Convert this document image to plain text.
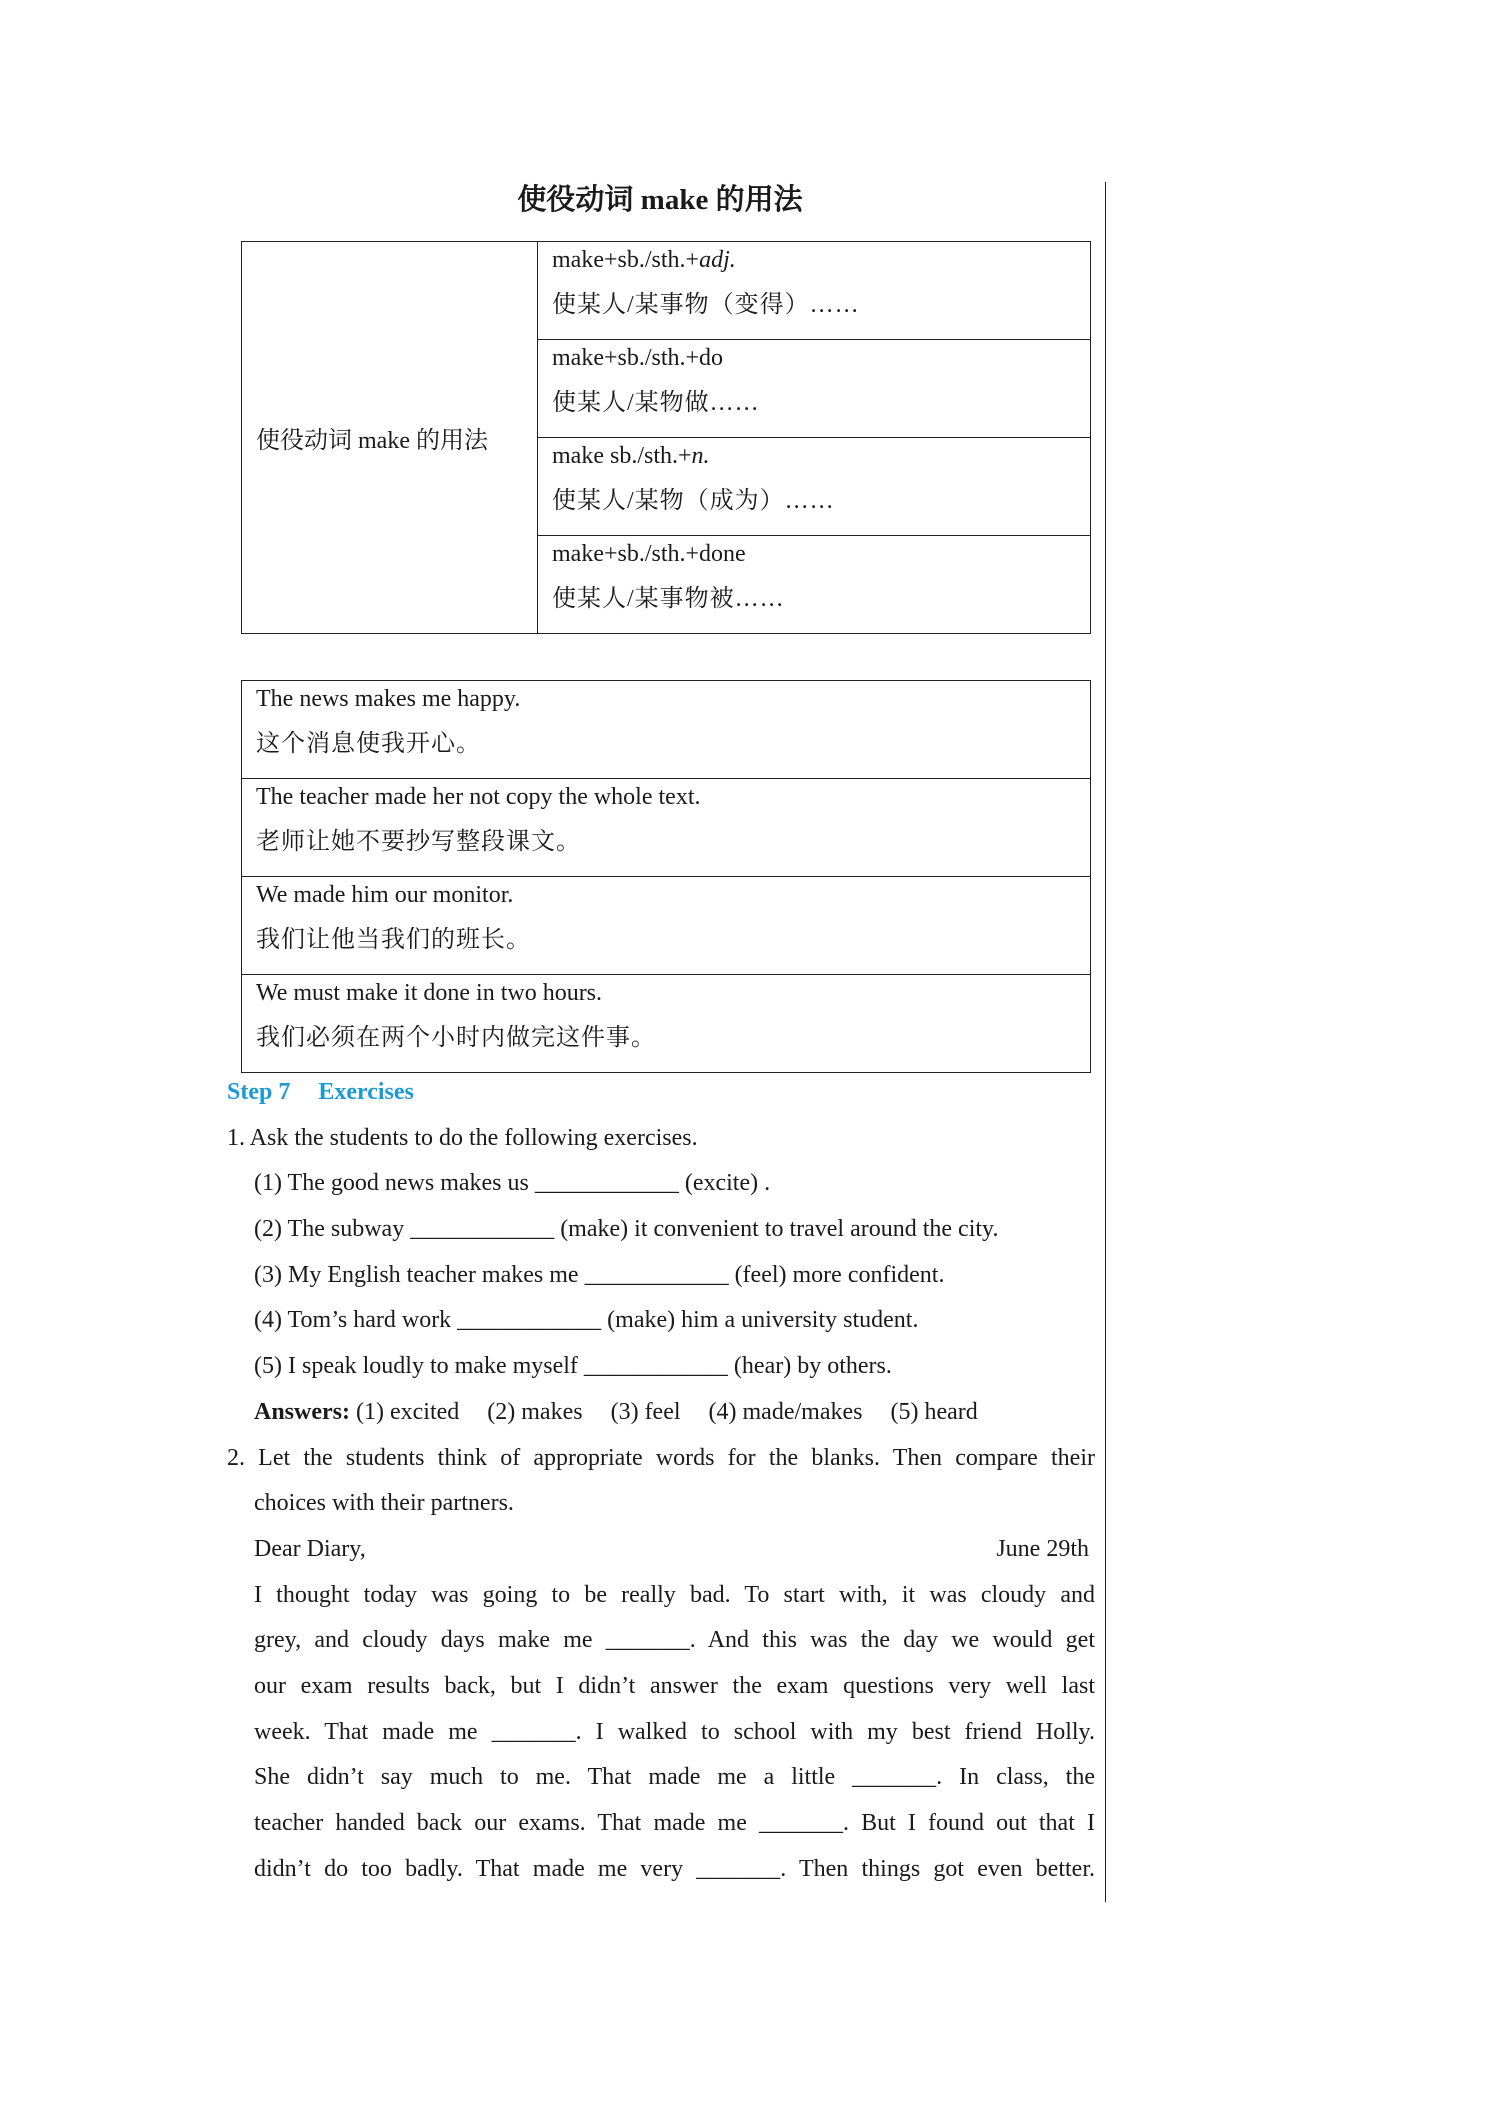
使役动词 make 的用法
使役动词 make 的用法	
make+sb./sth.+adj.
使某人/某事物（变得）……

make+sb./sth.+do
使某人/某物做……

make sb./sth.+n.
使某人/某物（成为）……

make+sb./sth.+done
使某人/某事物被……
The news makes me happy.
这个消息使我开心。

The teacher made her not copy the whole text.
老师让她不要抄写整段课文。

We made him our monitor.
我们让他当我们的班长。

We must make it done in two hours.
我们必须在两个小时内做完这件事。
Step 7 Exercises
1. Ask the students to do the following exercises.
(1) The good news makes us ____________ (excite) .
(2) The subway ____________ (make) it convenient to travel around the city.
(3) My English teacher makes me ____________ (feel) more confident.
(4) Tom’s hard work ____________ (make) him a university student.
(5) I speak loudly to make myself ____________ (hear) by others.
Answers: (1) excited (2) makes (3) feel (4) made/makes (5) heard
2. Let the students think of appropriate words for the blanks. Then compare their
choices with their partners.
Dear Diary,	June 29th
I thought today was going to be really bad. To start with, it was cloudy and
grey, and cloudy days make me _______. And this was the day we would get
our exam results back, but I didn’t answer the exam questions very well last
week. That made me _______. I walked to school with my best friend Holly.
She didn’t say much to me. That made me a little _______. In class, the
teacher handed back our exams. That made me _______. But I found out that I
didn’t do too badly. That made me very _______. Then things got even better.
